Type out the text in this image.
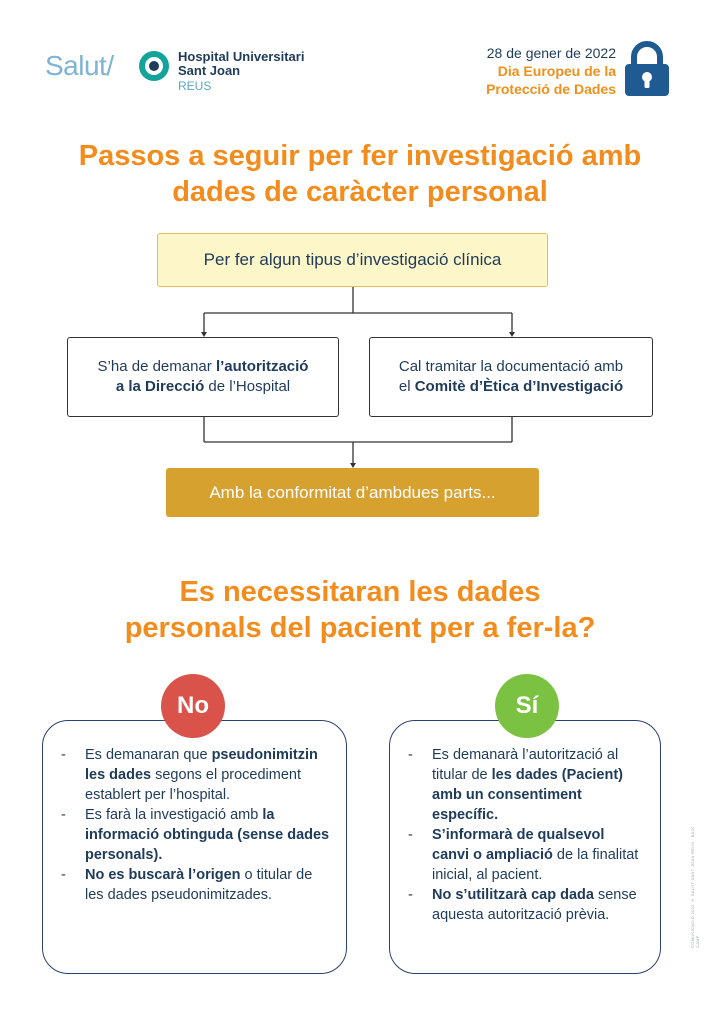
Salut/	Hospital Universitari
Sant Joan
REUS
28 de gener de 2022
Dia Europeu de la
Protecció de Dades
Passos a seguir per fer investigació amb
dades de caràcter personal
Per fer algun tipus d’investigació clínica
S’ha de demanar l’autorització
a la Direcció de l’Hospital
Cal tramitar la documentació amb
el Comitè d’Ètica d’Investigació
Amb la conformitat d’ambdues parts...
Es necessitaran les dades
personals del pacient per a fer-la?
No
- Es demanaran que pseudonimitzin les dades segons el procediment establert per l’hospital.
- Es farà la investigació amb la informació obtinguda (sense dades personals).
- No es buscarà l’origen o titular de les dades pseudonimitzades.
Sí
- Es demanarà l’autorització al titular de les dades (Pacient) amb un consentiment específic.
- S’informarà de qualsevol canvi o ampliació de la finalitat inicial, al pacient.
- No s’utilitzarà cap dada sense aquesta autorització prèvia.	COMUNICACIÓ 2022 © SALUT SANT JOAN REUS · BAIX CAMP
